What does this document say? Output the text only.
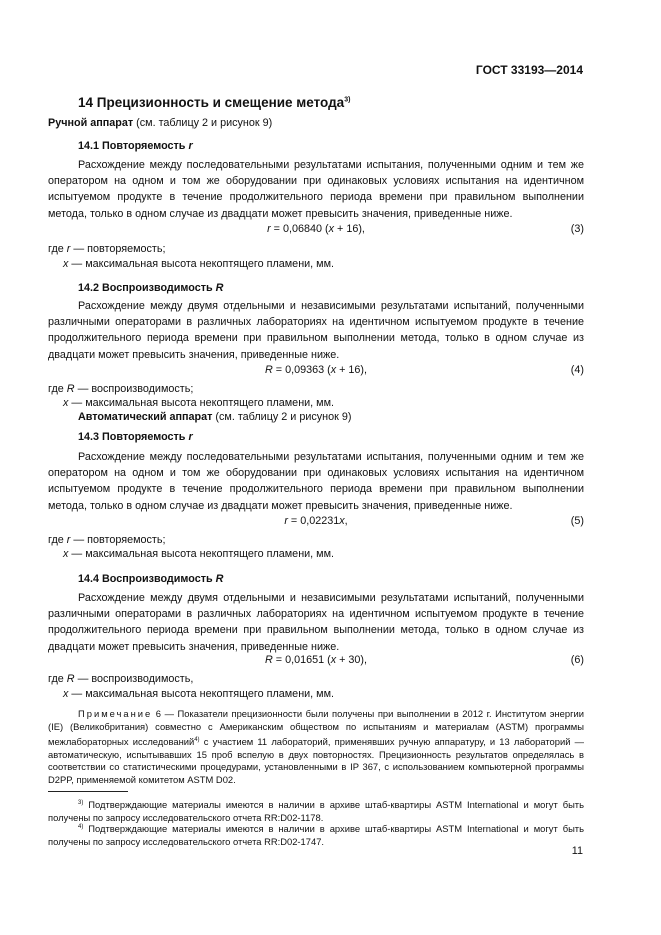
ГОСТ 33193—2014
14 Прецизионность и смещение метода$^{3)}$
Ручной аппарат (см. таблицу 2 и рисунок 9)
14.1 Повторяемость r
Расхождение между последовательными результатами испытания, полученными одним и тем же оператором на одном и том же оборудовании при одинаковых условиях испытания на идентичном испытуемом продукте в течение продолжительного периода времени при правильном выполнении метода, только в одном случае из двадцати может превысить значения, приведенные ниже.
r = 0,06840 (x + 16),	(3)
где r — повторяемость;
x — максимальная высота некоптящего пламени, мм.
14.2 Воспроизводимость R
Расхождение между двумя отдельными и независимыми результатами испытаний, полученными различными операторами в различных лабораториях на идентичном испытуемом продукте в течение продолжительного периода времени при правильном выполнении метода, только в одном случае из двадцати может превысить значения, приведенные ниже.
R = 0,09363 (x + 16),	(4)
где R — воспроизводимость;
x — максимальная высота некоптящего пламени, мм.
Автоматический аппарат (см. таблицу 2 и рисунок 9)
14.3 Повторяемость r
Расхождение между последовательными результатами испытания, полученными одним и тем же оператором на одном и том же оборудовании при одинаковых условиях испытания на идентичном испытуемом продукте в течение продолжительного периода времени при правильном выполнении метода, только в одном случае из двадцати может превысить значения, приведенные ниже.
r = 0,02231x,	(5)
где r — повторяемость;
x — максимальная высота некоптящего пламени, мм.
14.4 Воспроизводимость R
Расхождение между двумя отдельными и независимыми результатами испытаний, полученными различными операторами в различных лабораториях на идентичном испытуемом продукте в течение продолжительного периода времени при правильном выполнении метода, только в одном случае из двадцати может превысить значения, приведенные ниже.
R = 0,01651 (x + 30),	(6)
где R — воспроизводимость,
x — максимальная высота некоптящего пламени, мм.
Примечание 6 — Показатели прецизионности были получены при выполнении в 2012 г. Институтом энергии (IE) (Великобритания) совместно с Американским обществом по испытаниям и материалам (ASTM) программы межлабораторных исследований$^{4)}$ с участием 11 лабораторий, применявших ручную аппаратуру, и 13 лабораторий — автоматическую, испытывавших 15 проб вспелую в двух повторностях. Прецизионность результатов определялась в соответствии со статистическими процедурами, установленными в IP 367, с использованием компьютерной программы D2PP, применяемой комитетом ASTM D02.
$^{3)}$ Подтверждающие материалы имеются в наличии в архиве штаб-квартиры ASTM International и могут быть получены по запросу исследовательского отчета RR:D02-1178.
$^{4)}$ Подтверждающие материалы имеются в наличии в архиве штаб-квартиры ASTM International и могут быть получены по запросу исследовательского отчета RR:D02-1747.
11
